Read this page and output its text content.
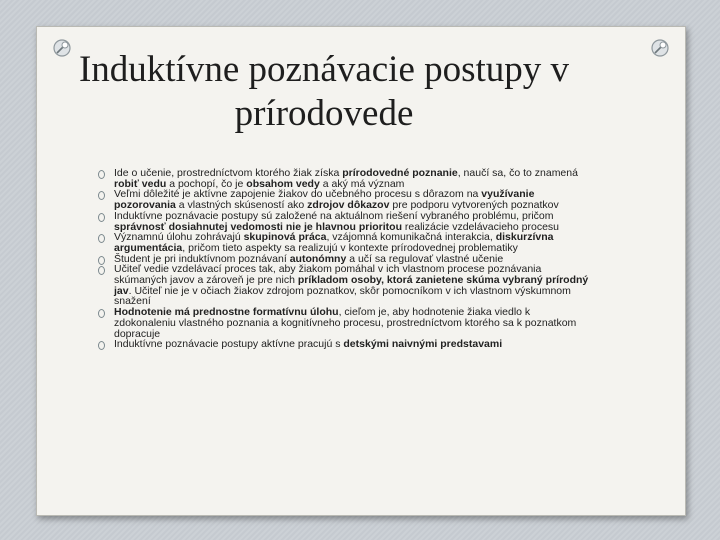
Induktívne poznávacie postupy v prírodovede
Ide o učenie, prostredníctvom ktorého žiak získa prírodovedné poznanie, naučí sa, čo to znamená robiť vedu a pochopí, čo je obsahom vedy a aký má význam
Veľmi dôležité je aktívne zapojenie žiakov do učebného procesu s dôrazom na využívanie pozorovania a vlastných skúseností ako zdrojov dôkazov pre podporu vytvorených poznatkov
Induktívne poznávacie postupy sú založené na aktuálnom riešení vybraného problému, pričom správnosť dosiahnutej vedomosti nie je hlavnou prioritou realizácie vzdelávacieho procesu
Významnú úlohu zohrávajú skupinová práca, vzájomná komunikačná interakcia, diskurzívna argumentácia, pričom tieto aspekty sa realizujú v kontexte prírodovednej problematiky
Študent je pri induktívnom poznávaní autonómny a učí sa regulovať vlastné učenie
Učiteľ vedie vzdelávací proces tak, aby žiakom pomáhal v ich vlastnom procese poznávania skúmaných javov a zároveň je pre nich príkladom osoby, ktorá zanietene skúma vybraný prírodný jav. Učiteľ nie je v očiach žiakov zdrojom poznatkov, skôr pomocníkom v ich vlastnom výskumnom snažení
Hodnotenie má prednostne formatívnu úlohu, cieľom je, aby hodnotenie žiaka viedlo k zdokonaleniu vlastného poznania a kognitívneho procesu, prostredníctvom ktorého sa k poznatkom dopracuje
Induktívne poznávacie postupy aktívne pracujú s detskými naivnými predstavami
